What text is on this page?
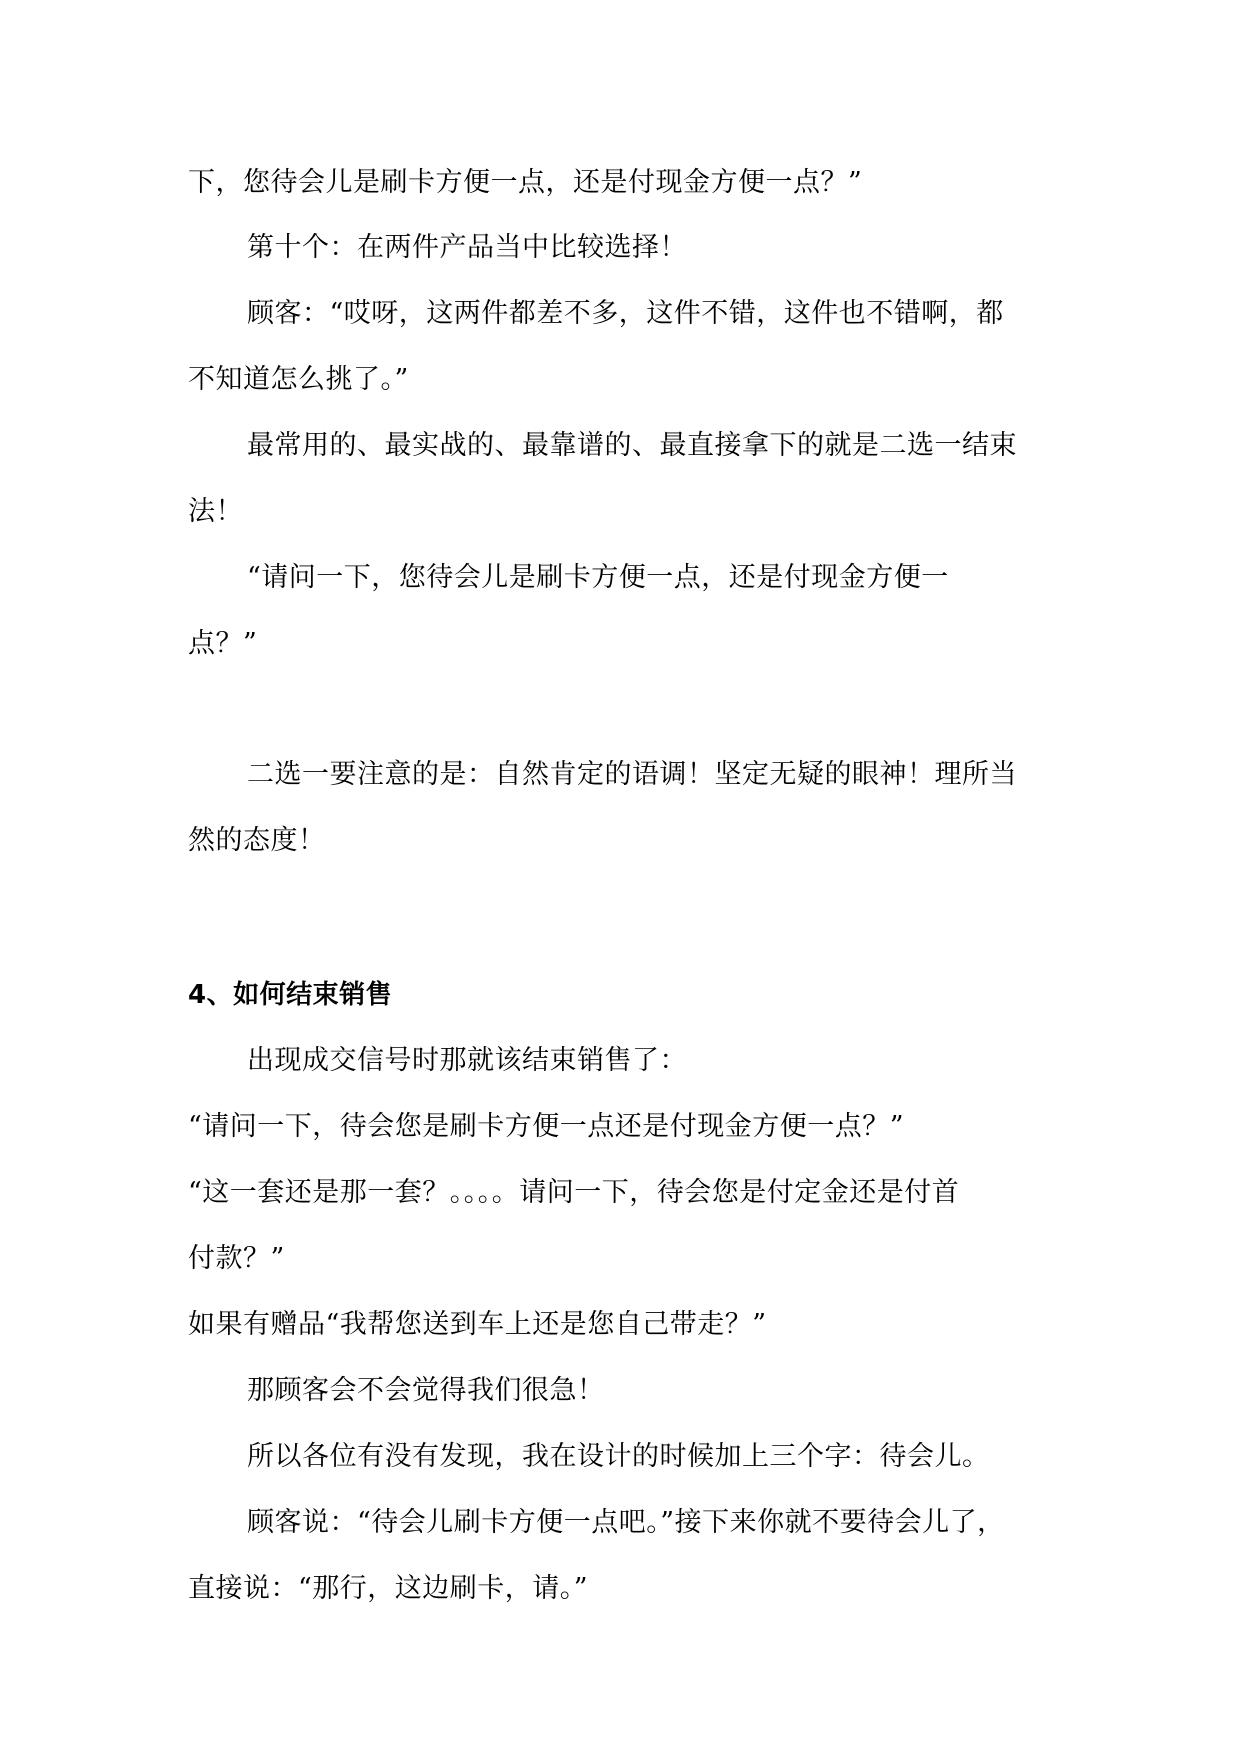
下，您待会儿是刷卡方便一点，还是付现金方便一点？”
第十个：在两件产品当中比较选择！
顾客：“哎呀，这两件都差不多，这件不错，这件也不错啊，都
不知道怎么挑了。”
最常用的、最实战的、最靠谱的、最直接拿下的就是二选一结束
法！
“请问一下，您待会儿是刷卡方便一点，还是付现金方便一
点？”
二选一要注意的是：自然肯定的语调！坚定无疑的眼神！理所当
然的态度！
4、如何结束销售
出现成交信号时那就该结束销售了：
“请问一下，待会您是刷卡方便一点还是付现金方便一点？”
“这一套还是那一套？。。。。请问一下，待会您是付定金还是付首
付款？”
如果有赠品“我帮您送到车上还是您自己带走？”
那顾客会不会觉得我们很急！
所以各位有没有发现，我在设计的时候加上三个字：待会儿。
顾客说：“待会儿刷卡方便一点吧。”接下来你就不要待会儿了，
直接说：“那行，这边刷卡，请。”
